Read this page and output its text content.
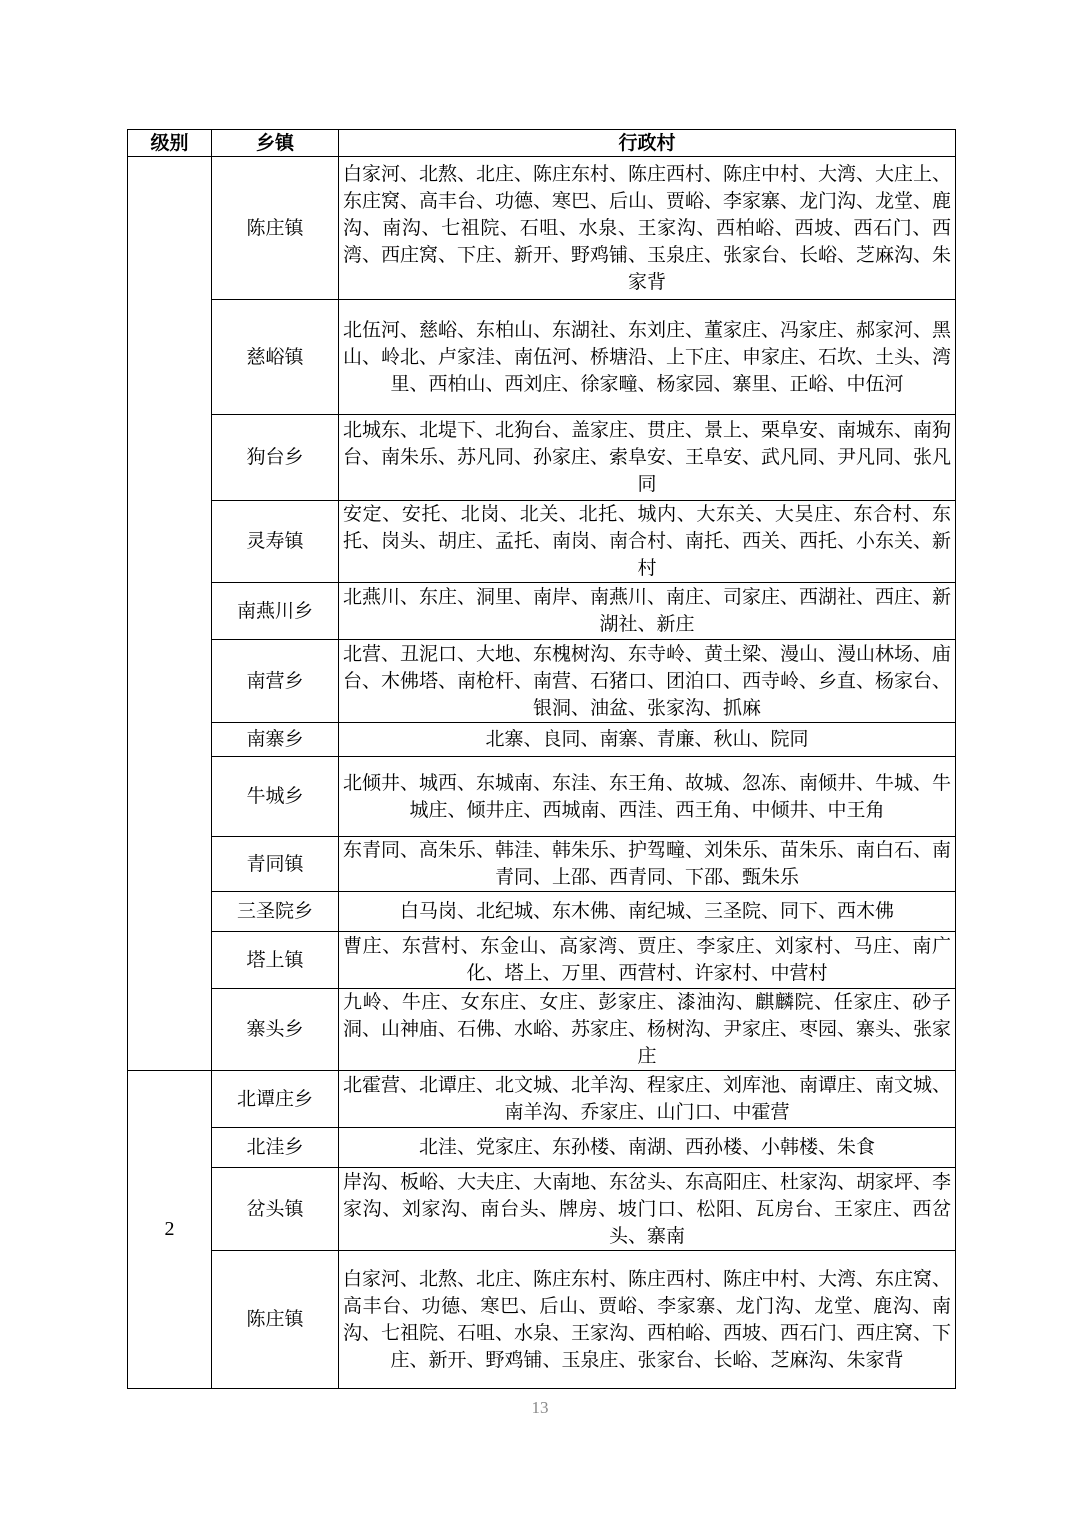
级别	乡镇	行政村
	陈庄镇	白家河、北熬、北庄、陈庄东村、陈庄西村、陈庄中村、大湾、大庄上、东庄窝、高丰台、功德、寒巴、后山、贾峪、李家寨、龙门沟、龙堂、鹿沟、南沟、七祖院、石咀、水泉、王家沟、西柏峪、西坡、西石门、西湾、西庄窝、下庄、新开、野鸡铺、玉泉庄、张家台、长峪、芝麻沟、朱家背
	慈峪镇	北伍河、慈峪、东柏山、东湖社、东刘庄、董家庄、冯家庄、郝家河、黑山、岭北、卢家洼、南伍河、桥塘沿、上下庄、申家庄、石坎、土头、湾里、西柏山、西刘庄、徐家疃、杨家园、寨里、正峪、中伍河
	狗台乡	北城东、北堤下、北狗台、盖家庄、贯庄、景上、栗阜安、南城东、南狗台、南朱乐、苏凡同、孙家庄、索阜安、王阜安、武凡同、尹凡同、张凡同
	灵寿镇	安定、安托、北岗、北关、北托、城内、大东关、大吴庄、东合村、东托、岗头、胡庄、孟托、南岗、南合村、南托、西关、西托、小东关、新村
	南燕川乡	北燕川、东庄、洞里、南岸、南燕川、南庄、司家庄、西湖社、西庄、新湖社、新庄
	南营乡	北营、丑泥口、大地、东槐树沟、东寺岭、黄土梁、漫山、漫山林场、庙台、木佛塔、南枪杆、南营、石猪口、团泊口、西寺岭、乡直、杨家台、银洞、油盆、张家沟、抓麻
	南寨乡	北寨、良同、南寨、青廉、秋山、院同
	牛城乡	北倾井、城西、东城南、东洼、东王角、故城、忽冻、南倾井、牛城、牛城庄、倾井庄、西城南、西洼、西王角、中倾井、中王角
	青同镇	东青同、高朱乐、韩洼、韩朱乐、护驾疃、刘朱乐、苗朱乐、南白石、南青同、上邵、西青同、下邵、甄朱乐
	三圣院乡	白马岗、北纪城、东木佛、南纪城、三圣院、同下、西木佛
	塔上镇	曹庄、东营村、东金山、高家湾、贾庄、李家庄、刘家村、马庄、南广化、塔上、万里、西营村、许家村、中营村
	寨头乡	九岭、牛庄、女东庄、女庄、彭家庄、漆油沟、麒麟院、任家庄、砂子洞、山神庙、石佛、水峪、苏家庄、杨树沟、尹家庄、枣园、寨头、张家庄
2	北谭庄乡	北霍营、北谭庄、北文城、北羊沟、程家庄、刘库池、南谭庄、南文城、南羊沟、乔家庄、山门口、中霍营
	北洼乡	北洼、党家庄、东孙楼、南湖、西孙楼、小韩楼、朱食
	岔头镇	岸沟、板峪、大夫庄、大南地、东岔头、东高阳庄、杜家沟、胡家坪、李家沟、刘家沟、南台头、牌房、坡门口、松阳、瓦房台、王家庄、西岔头、寨南
	陈庄镇	白家河、北熬、北庄、陈庄东村、陈庄西村、陈庄中村、大湾、东庄窝、高丰台、功德、寒巴、后山、贾峪、李家寨、龙门沟、龙堂、鹿沟、南沟、七祖院、石咀、水泉、王家沟、西柏峪、西坡、西石门、西庄窝、下庄、新开、野鸡铺、玉泉庄、张家台、长峪、芝麻沟、朱家背
13
